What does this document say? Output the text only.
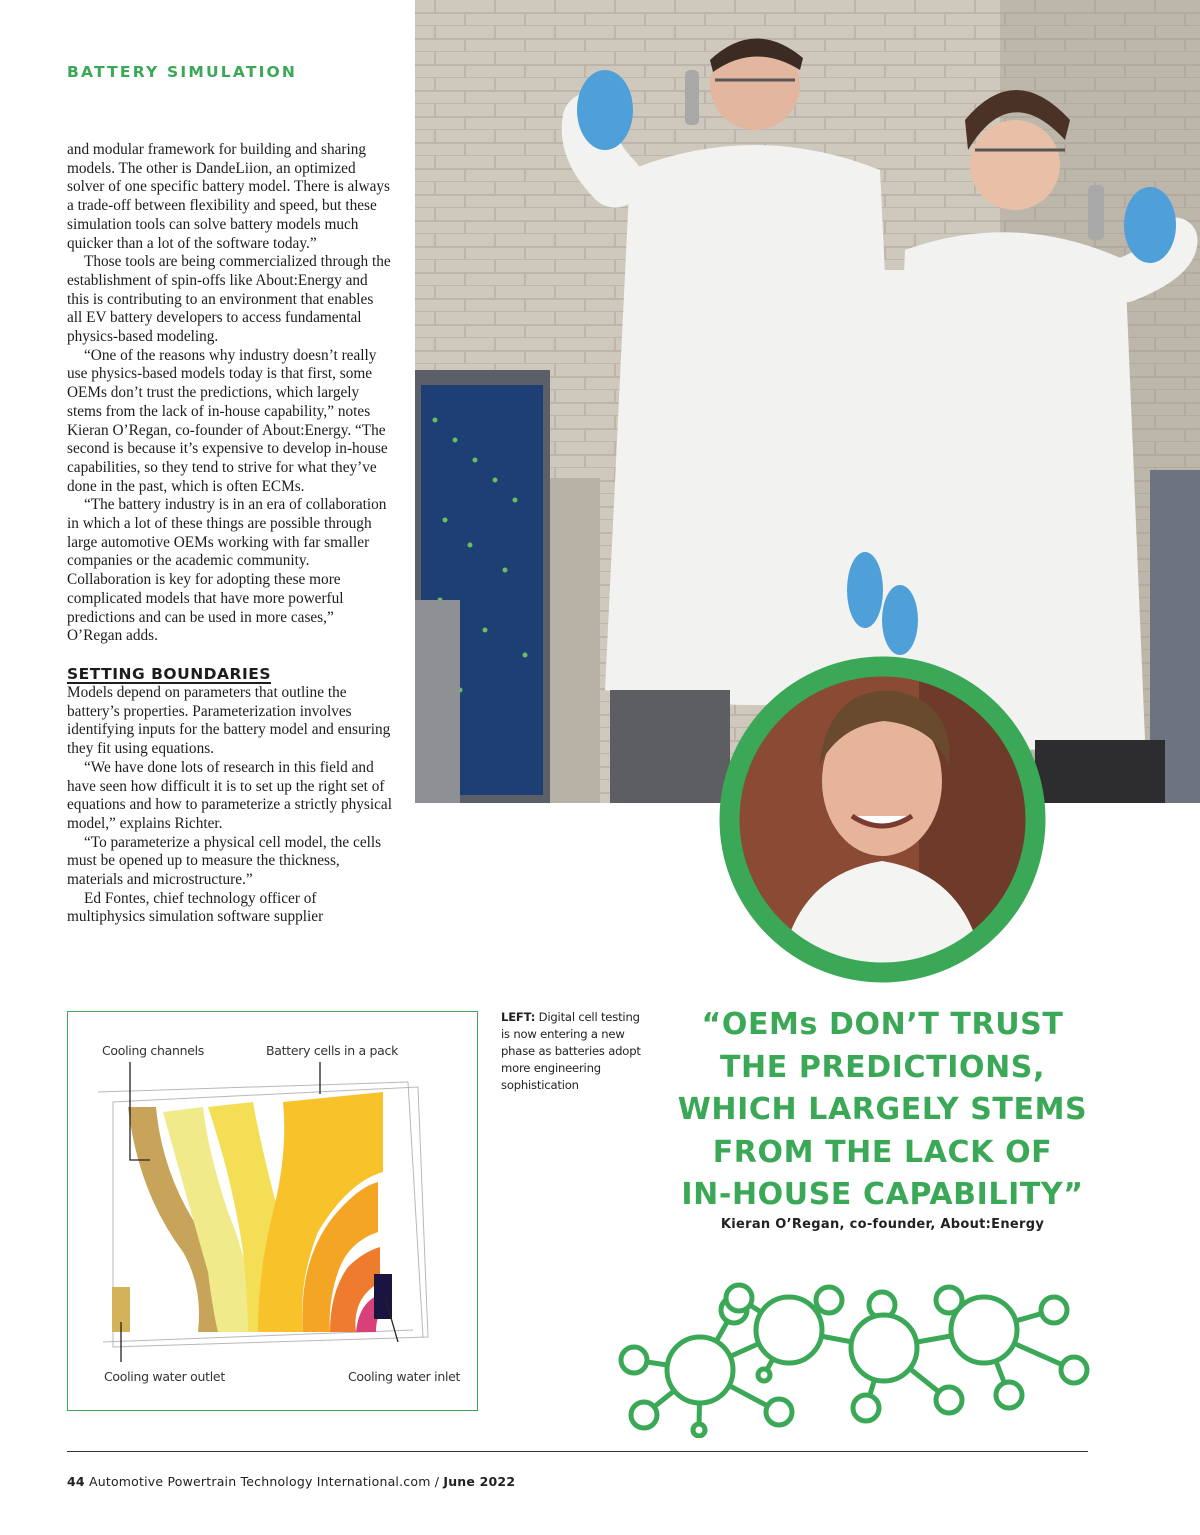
BATTERY SIMULATION

and modular framework for building and sharing models. The other is DandeLiion, an optimized solver of one specific battery model. There is always a trade-off between flexibility and speed, but these simulation tools can solve battery models much quicker than a lot of the software today.”

Those tools are being commercialized through the establishment of spin-offs like About:Energy and this is contributing to an environment that enables all EV battery developers to access fundamental physics-based modeling.

“One of the reasons why industry doesn’t really use physics-based models today is that first, some OEMs don’t trust the predictions, which largely stems from the lack of in-house capability,” notes Kieran O’Regan, co-founder of About:Energy. “The second is because it’s expensive to develop in-house capabilities, so they tend to strive for what they’ve done in the past, which is often ECMs.

“The battery industry is in an era of collaboration in which a lot of these things are possible through large automotive OEMs working with far smaller companies or the academic community. Collaboration is key for adopting these more complicated models that have more powerful predictions and can be used in more cases,” O’Regan adds.

SETTING BOUNDARIES

Models depend on parameters that outline the battery’s properties. Parameterization involves identifying inputs for the battery model and ensuring they fit using equations.

“We have done lots of research in this field and have seen how difficult it is to set up the right set of equations and how to parameterize a strictly physical model,” explains Richter.

“To parameterize a physical cell model, the cells must be opened up to measure the thickness, materials and microstructure.”

Ed Fontes, chief technology officer of multiphysics simulation software supplier

Cooling channels	Battery cells in a pack
Cooling water outlet	Cooling water inlet
LEFT: Digital cell testing is now entering a new phase as batteries adopt more engineering sophistication
“OEMs DON’T TRUST
THE PREDICTIONS,
WHICH LARGELY STEMS
FROM THE LACK OF
IN-HOUSE CAPABILITY”
Kieran O’Regan, co-founder, About:Energy
44 Automotive Powertrain Technology International.com / June 2022
